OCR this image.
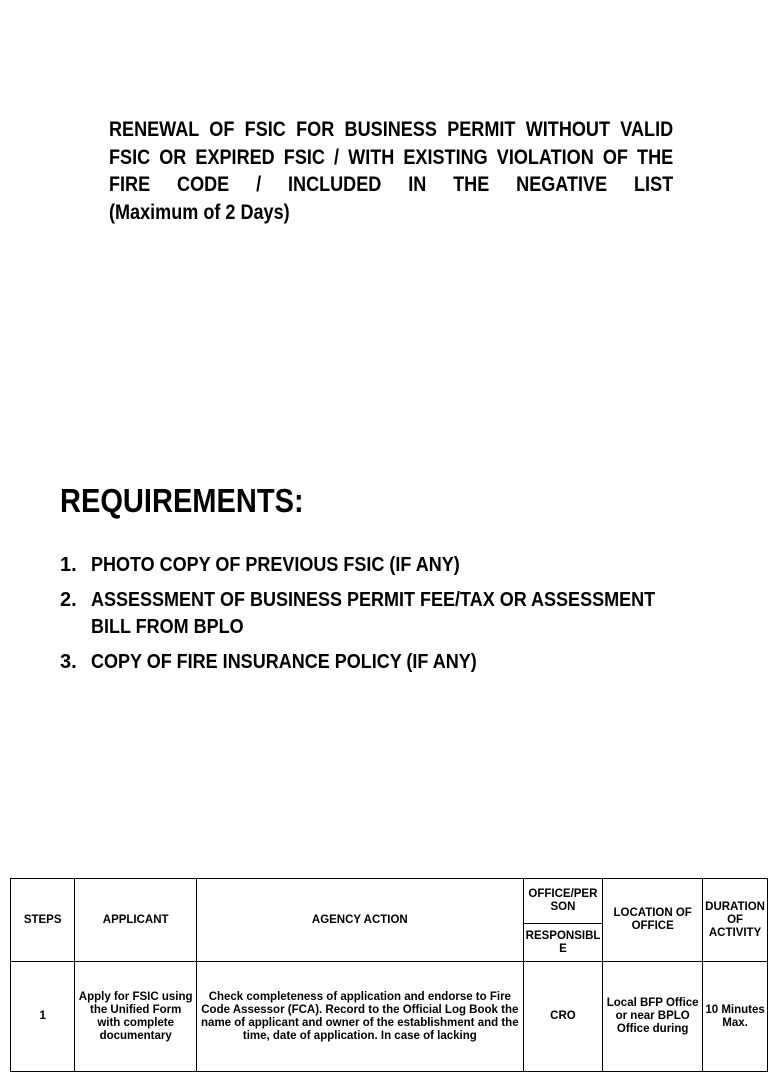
RENEWAL OF FSIC FOR BUSINESS PERMIT WITHOUT VALID FSIC OR EXPIRED FSIC / WITH EXISTING VIOLATION OF THE FIRE CODE / INCLUDED IN THE NEGATIVE LIST
(Maximum of 2 Days)
REQUIREMENTS:
1. PHOTO COPY OF PREVIOUS FSIC (IF ANY)
2. ASSESSMENT OF BUSINESS PERMIT FEE/TAX OR ASSESSMENT BILL FROM BPLO
3. COPY OF FIRE INSURANCE POLICY (IF ANY)
STEPS	APPLICANT	AGENCY ACTION	OFFICE/PER SON	LOCATION OF OFFICE	DURATION OF ACTIVITY
			RESPONSIBL E		
1	Apply for FSIC using the Unified Form with complete documentary	Check completeness of application and endorse to Fire Code Assessor (FCA). Record to the Official Log Book the name of applicant and owner of the establishment and the time, date of application. In case of lacking	CRO	Local BFP Office or near BPLO Office during	10 Minutes Max.
